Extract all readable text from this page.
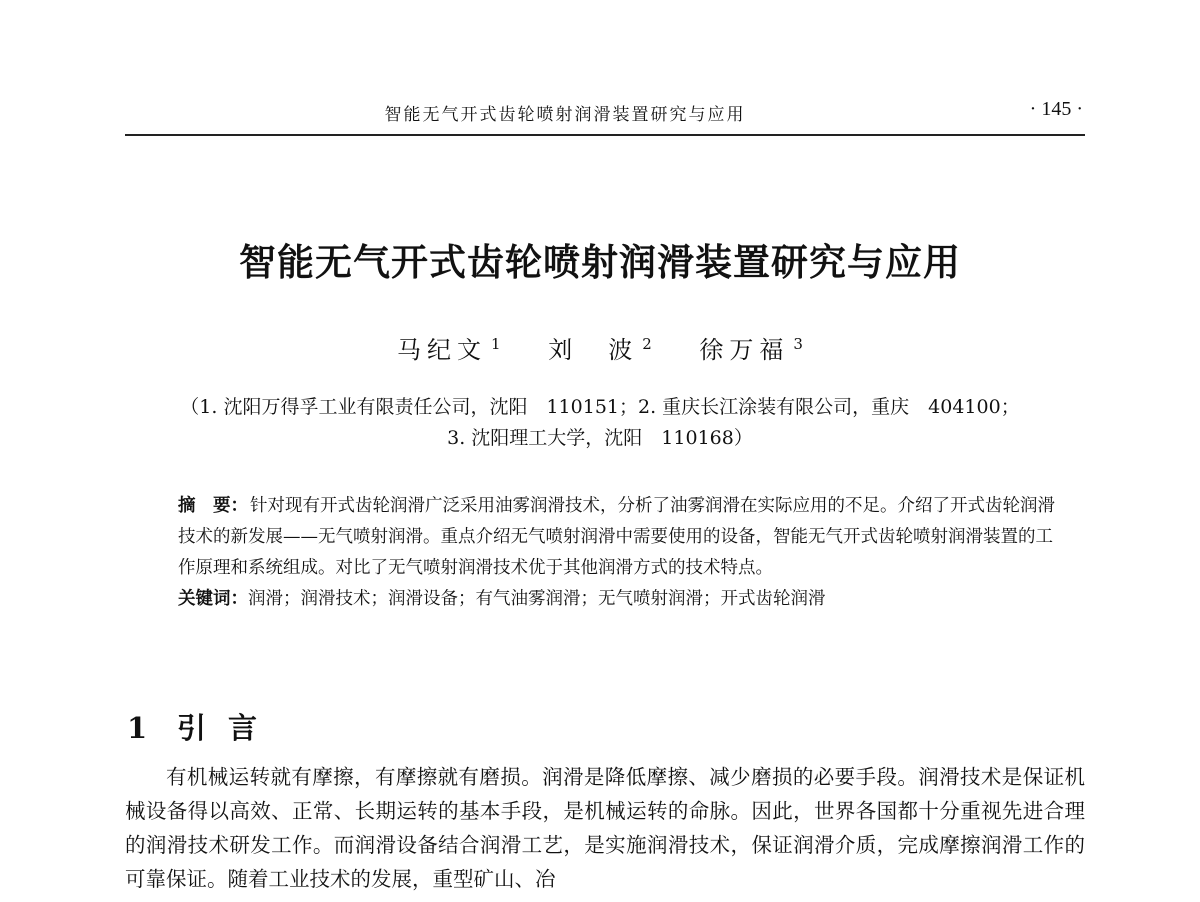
智能无气开式齿轮喷射润滑装置研究与应用	· 145 ·
智能无气开式齿轮喷射润滑装置研究与应用
马纪文 $^1$ 刘　波 $^2$ 徐万福 $^3$

（1. 沈阳万得孚工业有限责任公司，沈阳　110151；2. 重庆长江涂装有限公司，重庆　404100；

3. 沈阳理工大学，沈阳　110168）

摘　要： 针对现有开式齿轮润滑广泛采用油雾润滑技术，分析了油雾润滑在实际应用的不足。介绍了开式齿轮润滑技术的新发展——无气喷射润滑。重点介绍无气喷射润滑中需要使用的设备，智能无气开式齿轮喷射润滑装置的工作原理和系统组成。对比了无气喷射润滑技术优于其他润滑方式的技术特点。
关键词：润滑；润滑技术；润滑设备；有气油雾润滑；无气喷射润滑；开式齿轮润滑
1 引言

有机械运转就有摩擦，有摩擦就有磨损。润滑是降低摩擦、减少磨损的必要手段。润滑技术是保证机械设备得以高效、正常、长期运转的基本手段，是机械运转的命脉。因此，世界各国都十分重视先进合理的润滑技术研发工作。而润滑设备结合润滑工艺，是实施润滑技术，保证润滑介质，完成摩擦润滑工作的可靠保证。随着工业技术的发展，重型矿山、冶
